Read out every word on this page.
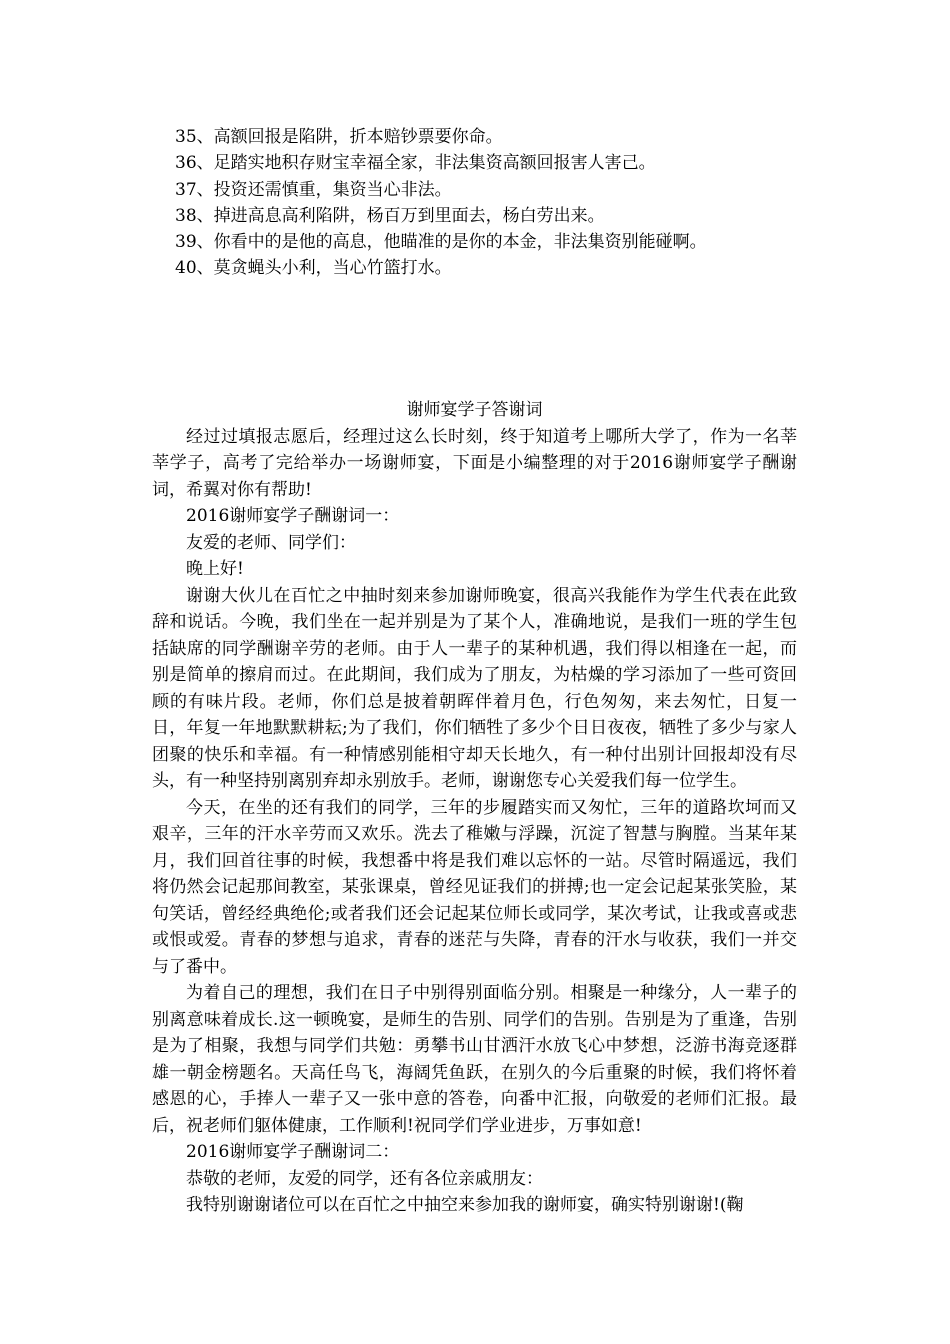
35、高额回报是陷阱，折本赔钞票要你命。
36、足踏实地积存财宝幸福全家，非法集资高额回报害人害己。
37、投资还需慎重，集资当心非法。
38、掉进高息高利陷阱，杨百万到里面去，杨白劳出来。
39、你看中的是他的高息，他瞄准的是你的本金，非法集资别能碰啊。
40、莫贪蝇头小利，当心竹篮打水。
谢师宴学子答谢词

经过过填报志愿后，经理过这么长时刻，终于知道考上哪所大学了，作为一名莘莘学子，高考了完给举办一场谢师宴，下面是小编整理的对于2016谢师宴学子酬谢词，希翼对你有帮助!

2016谢师宴学子酬谢词一：

友爱的老师、同学们：

晚上好!

谢谢大伙儿在百忙之中抽时刻来参加谢师晚宴，很高兴我能作为学生代表在此致辞和说话。今晚，我们坐在一起并别是为了某个人，准确地说，是我们一班的学生包括缺席的同学酬谢辛劳的老师。由于人一辈子的某种机遇，我们得以相逢在一起，而别是简单的擦肩而过。在此期间，我们成为了朋友，为枯燥的学习添加了一些可资回顾的有味片段。老师，你们总是披着朝晖伴着月色，行色匆匆，来去匆忙，日复一日，年复一年地默默耕耘;为了我们，你们牺牲了多少个日日夜夜，牺牲了多少与家人团聚的快乐和幸福。有一种情感别能相守却天长地久，有一种付出别计回报却没有尽头，有一种坚持别离别弃却永别放手。老师，谢谢您专心关爱我们每一位学生。

今天，在坐的还有我们的同学，三年的步履踏实而又匆忙，三年的道路坎坷而又艰辛，三年的汗水辛劳而又欢乐。洗去了稚嫩与浮躁，沉淀了智慧与胸膛。当某年某月，我们回首往事的时候，我想番中将是我们难以忘怀的一站。尽管时隔遥远，我们将仍然会记起那间教室，某张课桌，曾经见证我们的拼搏;也一定会记起某张笑脸，某句笑话，曾经经典绝伦;或者我们还会记起某位师长或同学，某次考试，让我或喜或悲或恨或爱。青春的梦想与追求，青春的迷茫与失降，青春的汗水与收获，我们一并交与了番中。

为着自己的理想，我们在日子中别得别面临分别。相聚是一种缘分，人一辈子的别离意味着成长.这一顿晚宴，是师生的告别、同学们的告别。告别是为了重逢，告别是为了相聚，我想与同学们共勉：勇攀书山甘洒汗水放飞心中梦想，泛游书海竞逐群雄一朝金榜题名。天高任鸟飞，海阔凭鱼跃，在别久的今后重聚的时候，我们将怀着感恩的心，手捧人一辈子又一张中意的答卷，向番中汇报，向敬爱的老师们汇报。最后，祝老师们躯体健康，工作顺利!祝同学们学业进步，万事如意!

2016谢师宴学子酬谢词二：

恭敬的老师，友爱的同学，还有各位亲戚朋友：

我特别谢谢诸位可以在百忙之中抽空来参加我的谢师宴，确实特别谢谢!(鞠
